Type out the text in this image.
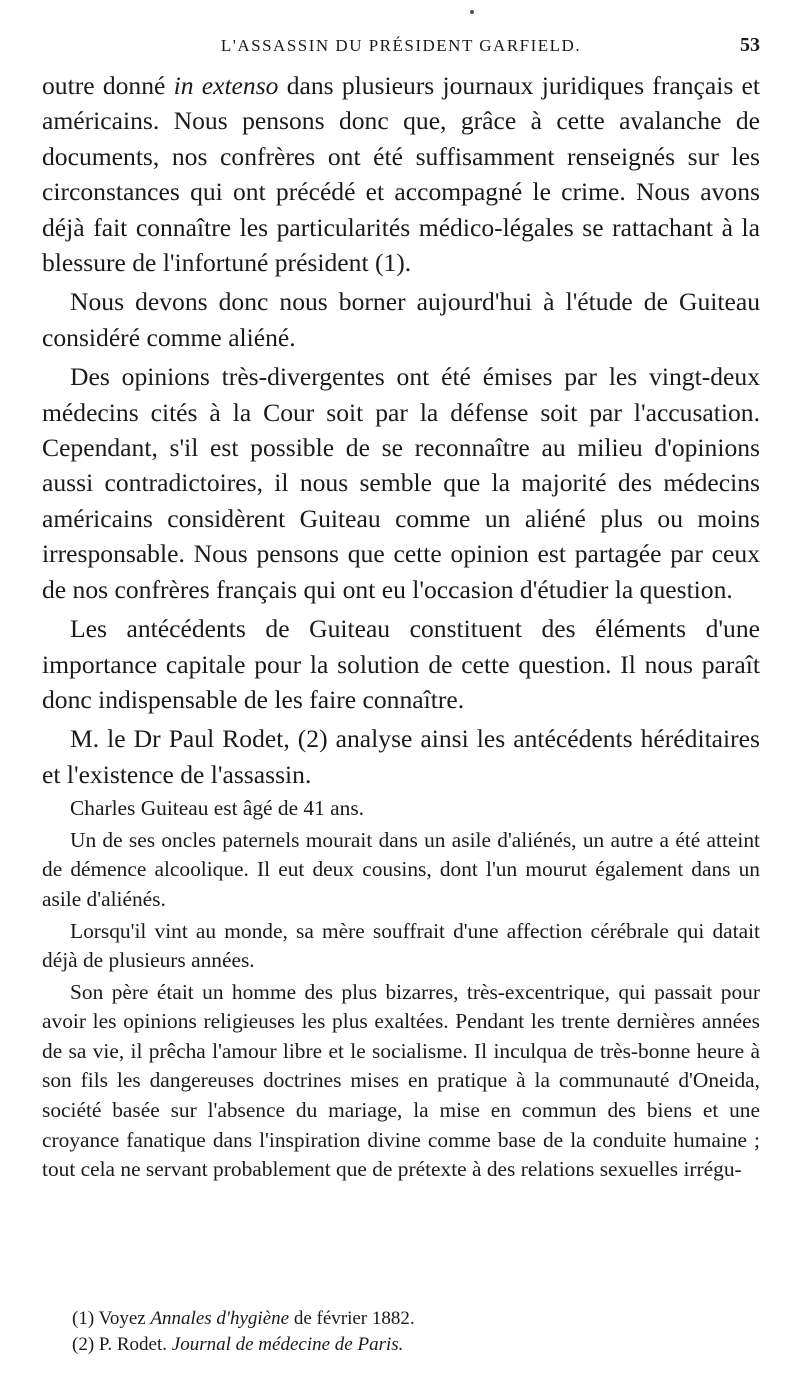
L'ASSASSIN DU PRÉSIDENT GARFIELD.	53

outre donné in extenso dans plusieurs journaux juridiques français et américains. Nous pensons donc que, grâce à cette avalanche de documents, nos confrères ont été suffisamment renseignés sur les circonstances qui ont précédé et accompagné le crime. Nous avons déjà fait connaître les particularités médico-légales se rattachant à la blessure de l'infortuné président (1).

Nous devons donc nous borner aujourd'hui à l'étude de Guiteau considéré comme aliéné.

Des opinions très-divergentes ont été émises par les vingt-deux médecins cités à la Cour soit par la défense soit par l'accusation. Cependant, s'il est possible de se reconnaître au milieu d'opinions aussi contradictoires, il nous semble que la majorité des médecins américains considèrent Guiteau comme un aliéné plus ou moins irresponsable. Nous pensons que cette opinion est partagée par ceux de nos confrères français qui ont eu l'occasion d'étudier la question.

Les antécédents de Guiteau constituent des éléments d'une importance capitale pour la solution de cette question. Il nous paraît donc indispensable de les faire connaître.

M. le Dr Paul Rodet, (2) analyse ainsi les antécédents héréditaires et l'existence de l'assassin.

Charles Guiteau est âgé de 41 ans.

Un de ses oncles paternels mourait dans un asile d'aliénés, un autre a été atteint de démence alcoolique. Il eut deux cousins, dont l'un mourut également dans un asile d'aliénés.

Lorsqu'il vint au monde, sa mère souffrait d'une affection cérébrale qui datait déjà de plusieurs années.

Son père était un homme des plus bizarres, très-excentrique, qui passait pour avoir les opinions religieuses les plus exaltées. Pendant les trente dernières années de sa vie, il prêcha l'amour libre et le socialisme. Il inculqua de très-bonne heure à son fils les dangereuses doctrines mises en pratique à la communauté d'Oneida, société basée sur l'absence du mariage, la mise en commun des biens et une croyance fanatique dans l'inspiration divine comme base de la conduite humaine ; tout cela ne servant probablement que de prétexte à des relations sexuelles irrégu-

(1) Voyez Annales d'hygiène de février 1882.
(2) P. Rodet. Journal de médecine de Paris.
